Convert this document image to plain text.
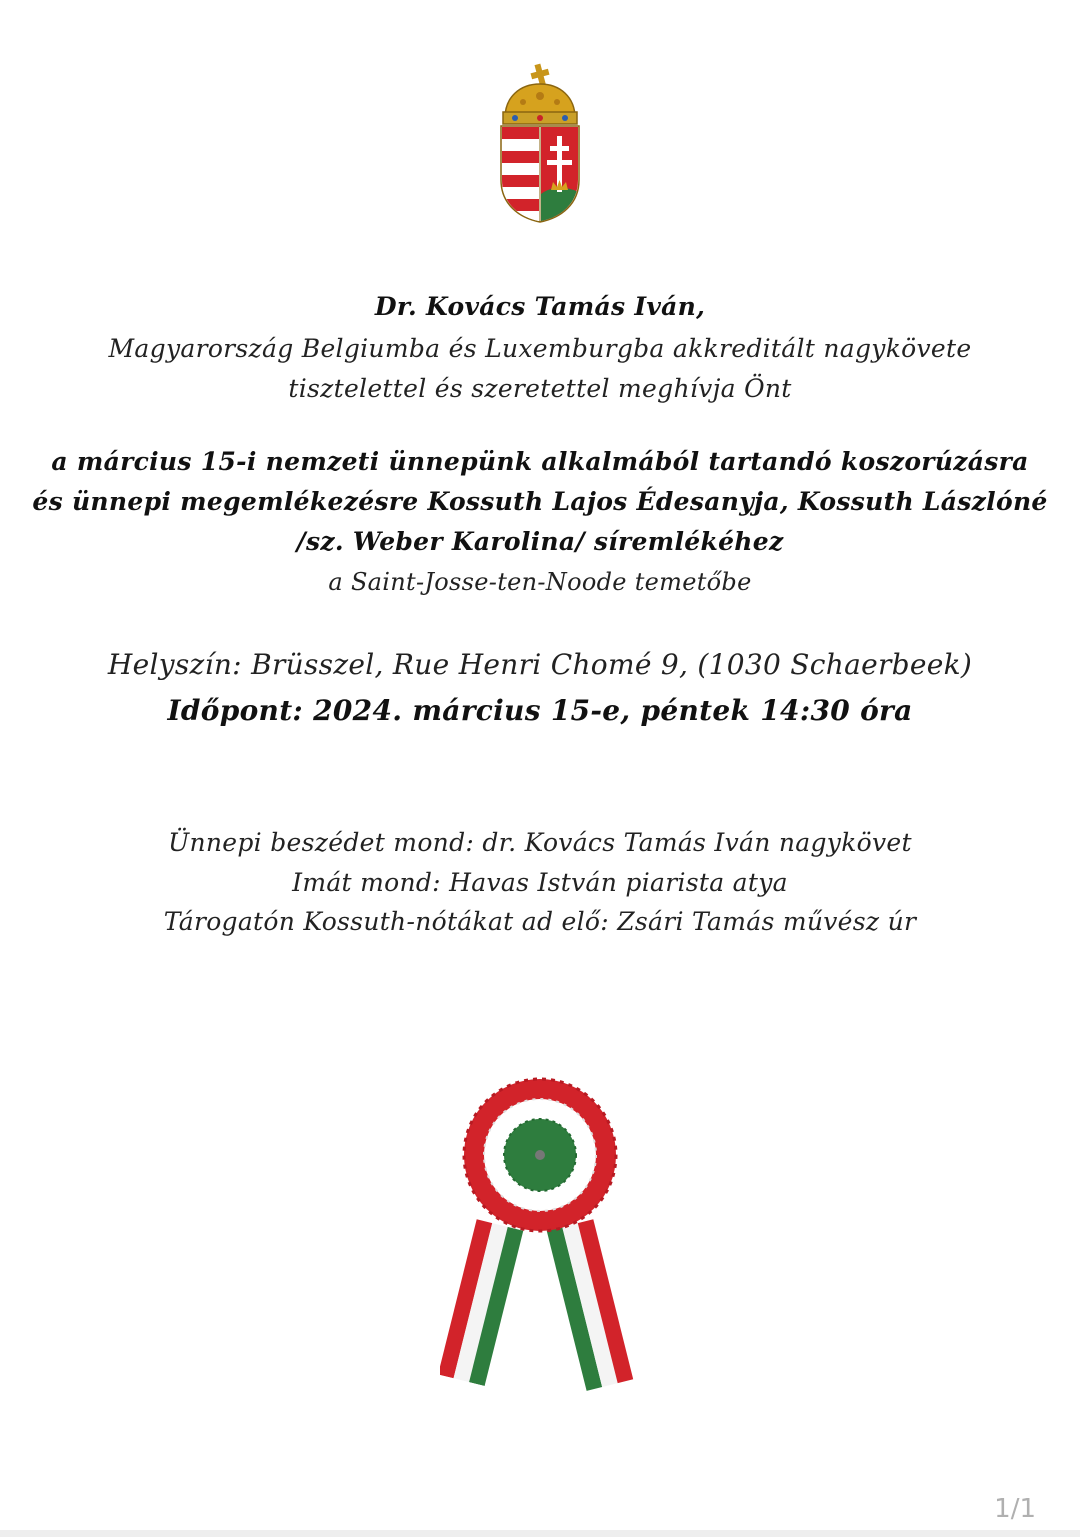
Dr. Kovács Tamás Iván,
Magyarország Belgiumba és Luxemburgba akkreditált nagykövete
tisztelettel és szeretettel meghívja Önt
a március 15-i nemzeti ünnepünk alkalmából tartandó koszorúzásra
és ünnepi megemlékezésre Kossuth Lajos Édesanyja, Kossuth Lászlóné
/sz. Weber Karolina/ síremlékéhez
a Saint-Josse-ten-Noode temetőbe
Helyszín: Brüsszel, Rue Henri Chomé 9, (1030 Schaerbeek)
Időpont: 2024. március 15-e, péntek 14:30 óra
Ünnepi beszédet mond: dr. Kovács Tamás Iván nagykövet
Imát mond: Havas István piarista atya
Tárogatón Kossuth-nótákat ad elő: Zsári Tamás művész úr
1/1
